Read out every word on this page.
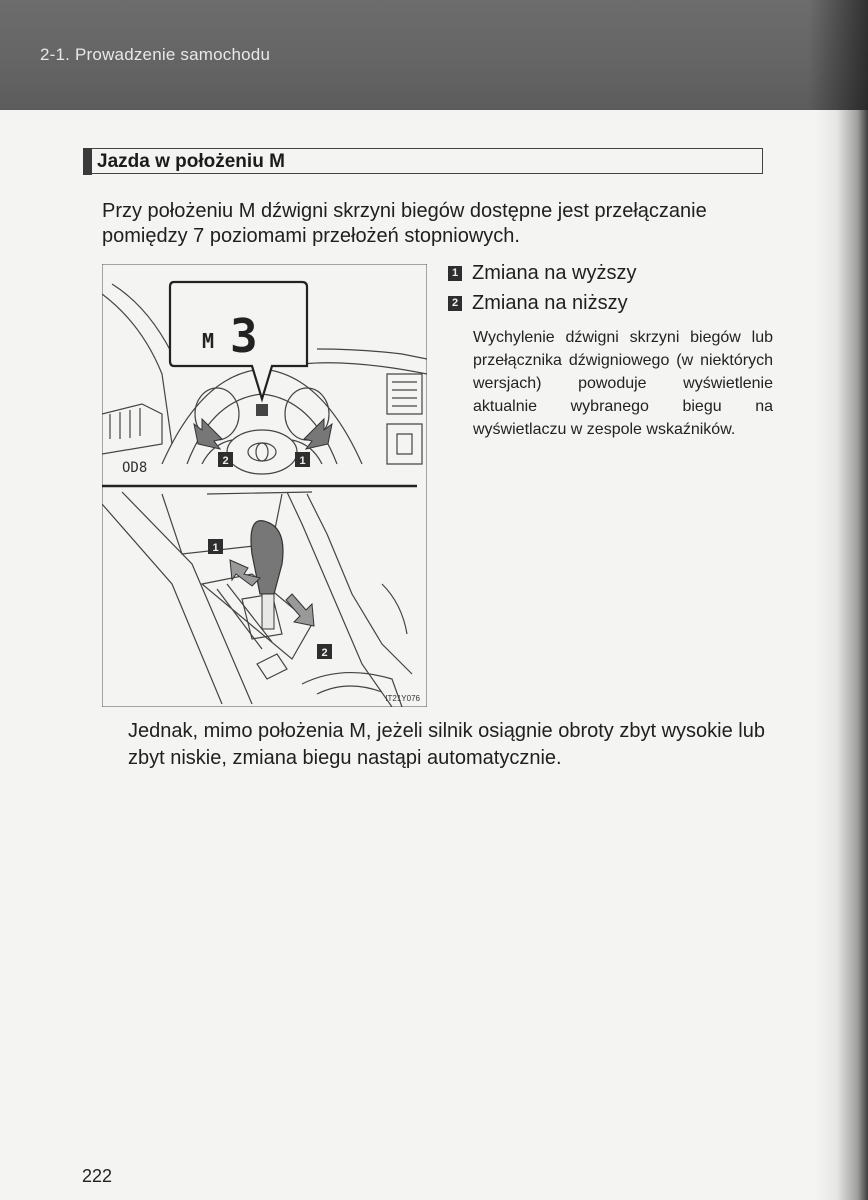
2-1. Prowadzenie samochodu
Jazda w położeniu M
Przy położeniu M dźwigni skrzyni biegów dostępne jest przełączanie pomiędzy 7 poziomami przełożeń stopniowych.
M 3
2	1
OD8
1
2
IT21Y076
1 Zmiana na wyższy
2 Zmiana na niższy
Wychylenie dźwigni skrzyni biegów lub przełącznika dźwigniowego (w niektórych wersjach) powoduje wyświetlenie aktualnie wybranego biegu na wyświetlaczu w zespole wskaźników.
Jednak, mimo położenia M, jeżeli silnik osiągnie obroty zbyt wysokie lub zbyt niskie, zmiana biegu nastąpi automatycznie.
222
